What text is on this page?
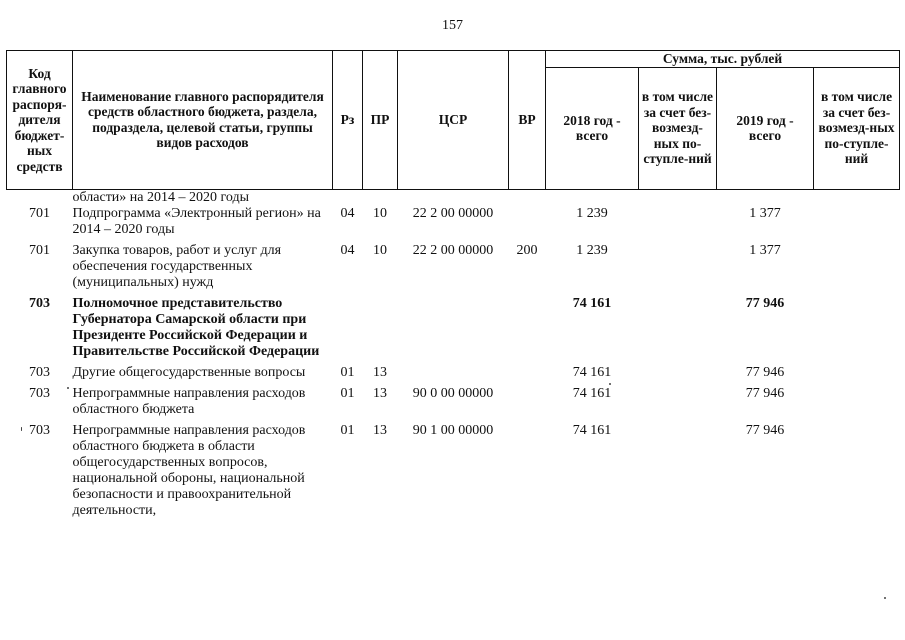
157
Код главного распоря-дителя бюджет-ных средств	Наименование главного распорядителя средств областного бюджета, раздела, подраздела, целевой статьи, группы видов расходов	Рз	ПР	ЦСР	ВР	Сумма, тыс. рублей			
						2018 год - всего	в том числе за счет без-возмезд-ных по-ступле-ний	2019 год - всего	в том числе за счет без-возмезд-ных по-ступле-ний
	области» на 2014 – 2020 годы								
701	Подпрограмма «Электронный регион» на 2014 – 2020 годы	04	10	22 2 00 00000		1 239		1 377	
701	Закупка товаров, работ и услуг для обеспечения государственных (муниципальных) нужд	04	10	22 2 00 00000	200	1 239		1 377	
703	Полномочное представительство Губернатора Самарской области при Президенте Российской Федерации и Правительстве Российской Федерации					74 161		77 946	
703	Другие общегосударственные вопросы	01	13			74 161		77 946	
703	Непрограммные направления расходов областного бюджета	01	13	90 0 00 00000		74 161		77 946	
703	Непрограммные направления расходов областного бюджета в области общегосударственных вопросов, национальной обороны, национальной безопасности и правоохранительной деятельности,	01	13	90 1 00 00000		74 161		77 946	
